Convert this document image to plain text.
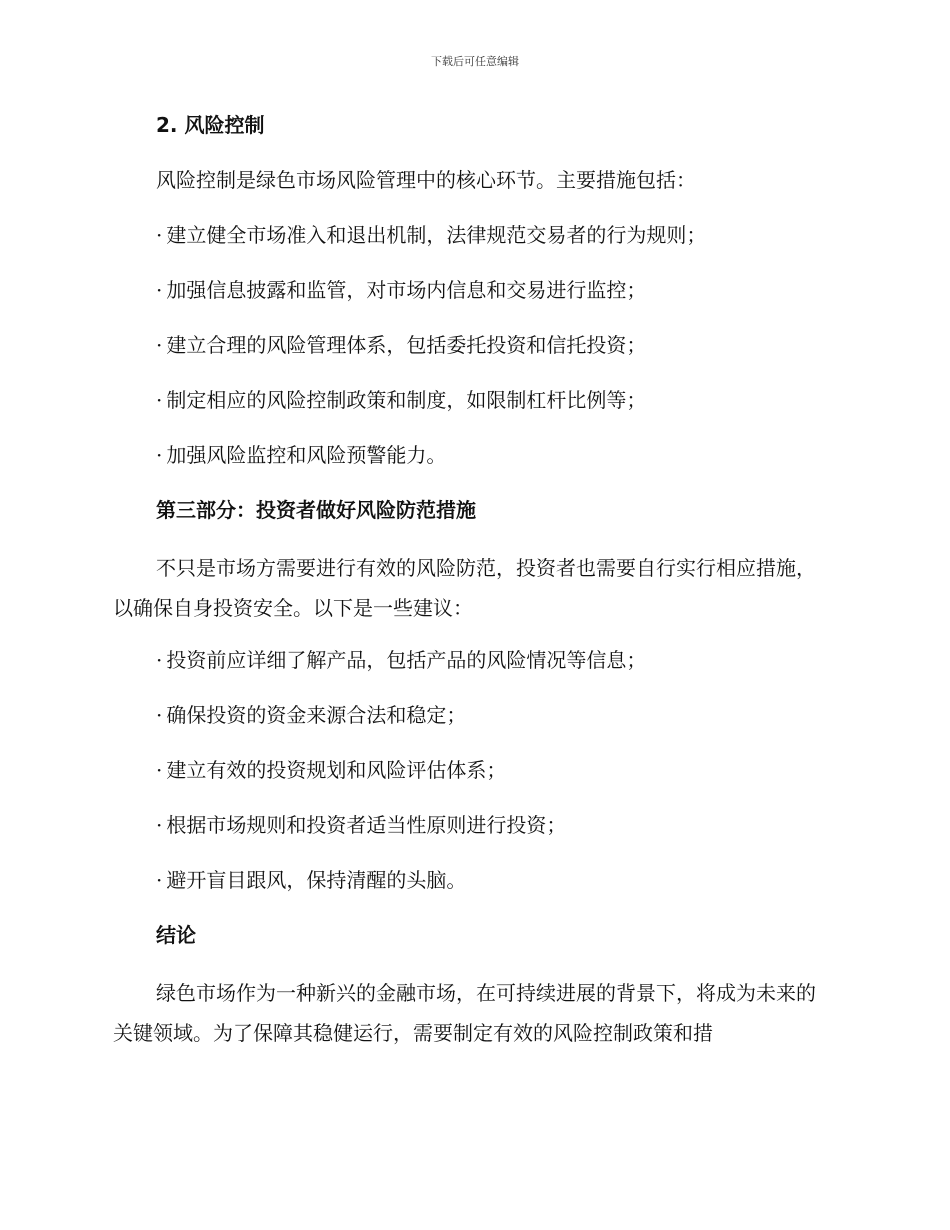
下载后可任意编辑
2. 风险控制
风险控制是绿色市场风险管理中的核心环节。主要措施包括：
· 建立健全市场准入和退出机制，法律规范交易者的行为规则；
· 加强信息披露和监管，对市场内信息和交易进行监控；
· 建立合理的风险管理体系，包括委托投资和信托投资；
· 制定相应的风险控制政策和制度，如限制杠杆比例等；
· 加强风险监控和风险预警能力。
第三部分：投资者做好风险防范措施
不只是市场方需要进行有效的风险防范，投资者也需要自行实行相应措施，以确保自身投资安全。以下是一些建议：
· 投资前应详细了解产品，包括产品的风险情况等信息；
· 确保投资的资金来源合法和稳定；
· 建立有效的投资规划和风险评估体系；
· 根据市场规则和投资者适当性原则进行投资；
· 避开盲目跟风，保持清醒的头脑。
结论
绿色市场作为一种新兴的金融市场，在可持续进展的背景下，将成为未来的关键领域。为了保障其稳健运行，需要制定有效的风险控制政策和措
